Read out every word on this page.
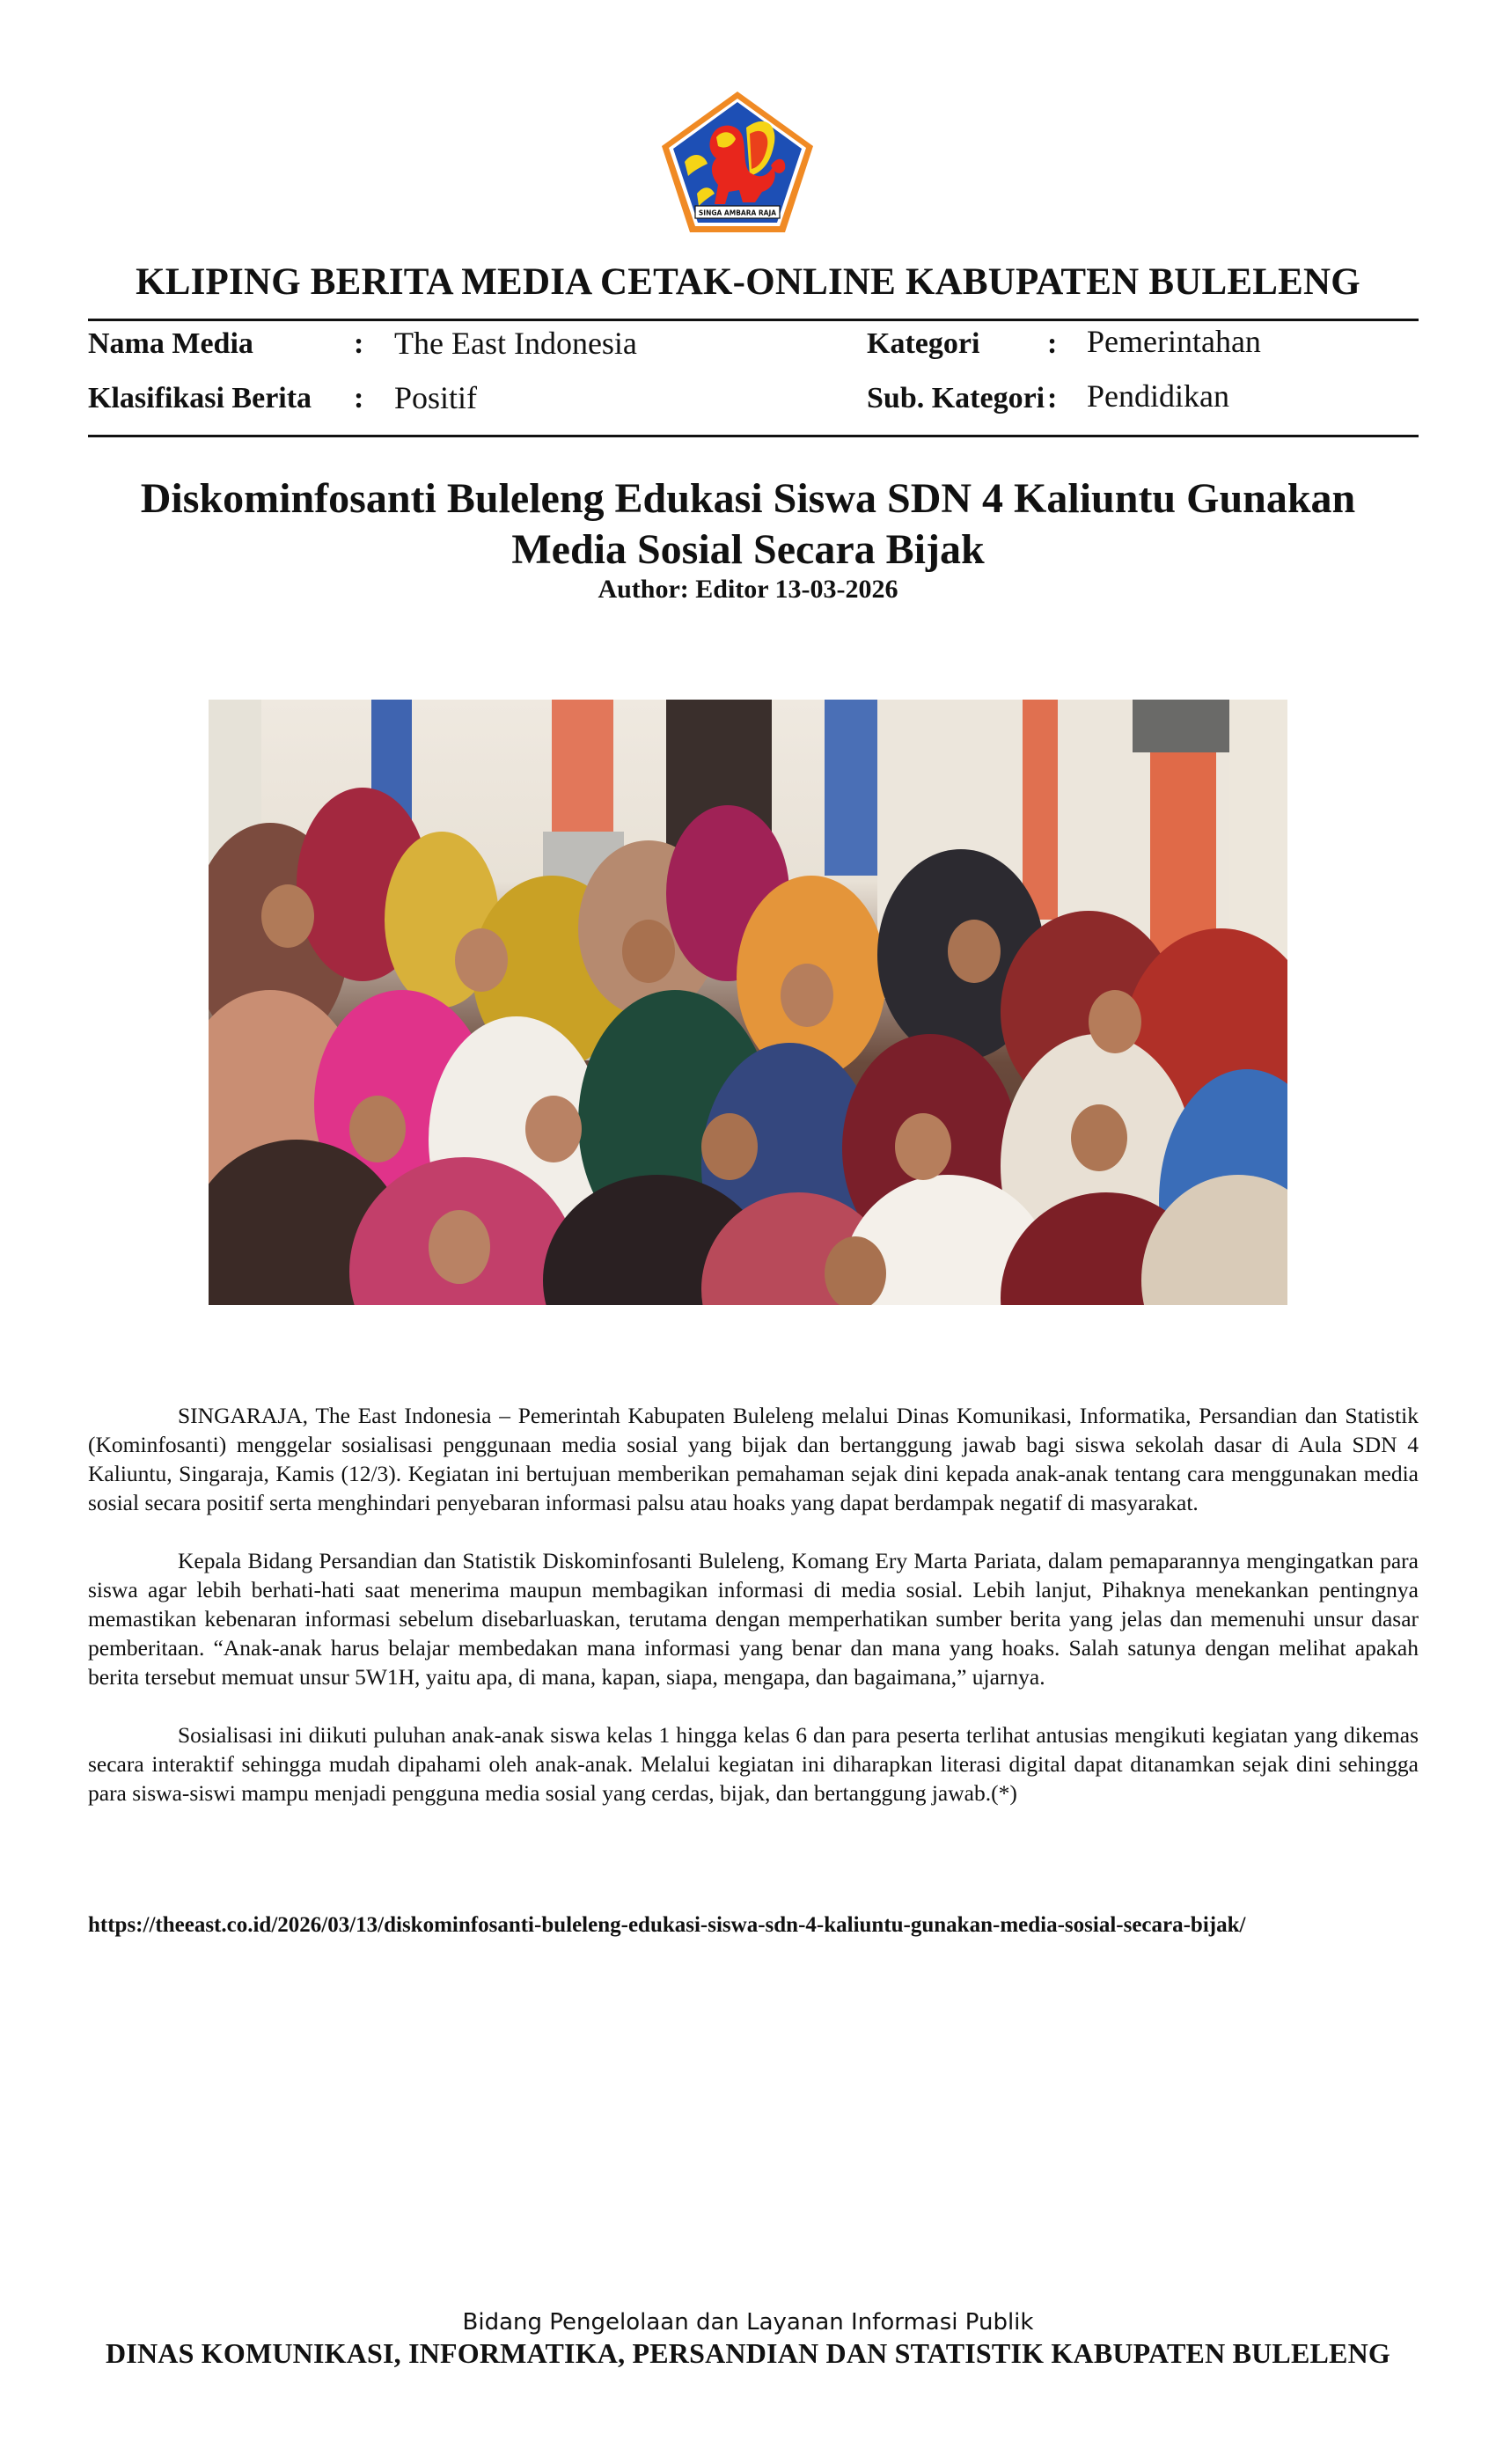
SINGA AMBARA RAJA
KLIPING BERITA MEDIA CETAK-ONLINE KABUPATEN BULELENG
Nama Media	: The East Indonesia
Klasifikasi Berita : Positif
Kategori : Pemerintahan
Sub. Kategori : Pendidikan
Diskominfosanti Buleleng Edukasi Siswa SDN 4 Kaliuntu Gunakan Media Sosial Secara Bijak
Author: Editor 13-03-2026

SINGARAJA, The East Indonesia – Pemerintah Kabupaten Buleleng melalui Dinas Komunikasi, Informatika, Persandian dan Statistik (Kominfosanti) menggelar sosialisasi penggunaan media sosial yang bijak dan bertanggung jawab bagi siswa sekolah dasar di Aula SDN 4 Kaliuntu, Singaraja, Kamis (12/3). Kegiatan ini bertujuan memberikan pemahaman sejak dini kepada anak-anak tentang cara menggunakan media sosial secara positif serta menghindari penyebaran informasi palsu atau hoaks yang dapat berdampak negatif di masyarakat.

Kepala Bidang Persandian dan Statistik Diskominfosanti Buleleng, Komang Ery Marta Pariata, dalam pemaparannya mengingatkan para siswa agar lebih berhati-hati saat menerima maupun membagikan informasi di media sosial. Lebih lanjut, Pihaknya menekankan pentingnya memastikan kebenaran informasi sebelum disebarluaskan, terutama dengan memperhatikan sumber berita yang jelas dan memenuhi unsur dasar pemberitaan. “Anak-anak harus belajar membedakan mana informasi yang benar dan mana yang hoaks. Salah satunya dengan melihat apakah berita tersebut memuat unsur 5W1H, yaitu apa, di mana, kapan, siapa, mengapa, dan bagaimana,” ujarnya.

Sosialisasi ini diikuti puluhan anak-anak siswa kelas 1 hingga kelas 6 dan para peserta terlihat antusias mengikuti kegiatan yang dikemas secara interaktif sehingga mudah dipahami oleh anak-anak. Melalui kegiatan ini diharapkan literasi digital dapat ditanamkan sejak dini sehingga para siswa-siswi mampu menjadi pengguna media sosial yang cerdas, bijak, dan bertanggung jawab.(*)

https://theeast.co.id/2026/03/13/diskominfosanti-buleleng-edukasi-siswa-sdn-4-kaliuntu-gunakan-media-sosial-secara-bijak/
Bidang Pengelolaan dan Layanan Informasi Publik
DINAS KOMUNIKASI, INFORMATIKA, PERSANDIAN DAN STATISTIK KABUPATEN BULELENG
